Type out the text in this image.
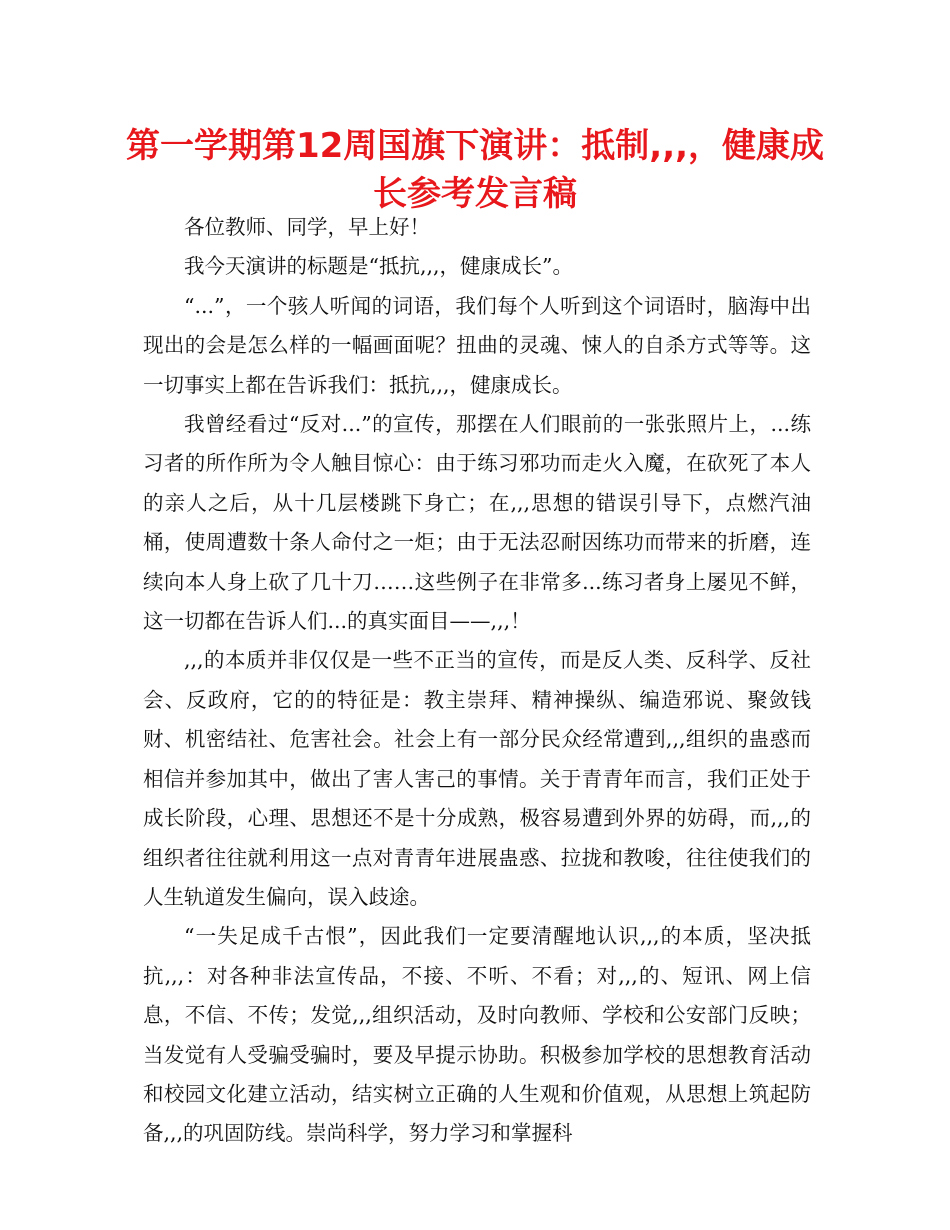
第一学期第12周国旗下演讲：抵制,,,，健康成长参考发言稿

各位教师、同学，早上好！

我今天演讲的标题是“抵抗,,,，健康成长”。

“...”，一个骇人听闻的词语，我们每个人听到这个词语时，脑海中出现出的会是怎么样的一幅画面呢？扭曲的灵魂、悚人的自杀方式等等。这一切事实上都在告诉我们：抵抗,,,，健康成长。

我曾经看过“反对...”的宣传，那摆在人们眼前的一张张照片上，...练习者的所作所为令人触目惊心：由于练习邪功而走火入魔，在砍死了本人的亲人之后，从十几层楼跳下身亡；在,,,思想的错误引导下，点燃汽油桶，使周遭数十条人命付之一炬；由于无法忍耐因练功而带来的折磨，连续向本人身上砍了几十刀……这些例子在非常多...练习者身上屡见不鲜，这一切都在告诉人们...的真实面目——,,,！

,,,的本质并非仅仅是一些不正当的宣传，而是反人类、反科学、反社会、反政府，它的的特征是：教主崇拜、精神操纵、编造邪说、聚敛钱财、机密结社、危害社会。社会上有一部分民众经常遭到,,,组织的蛊惑而相信并参加其中，做出了害人害己的事情。关于青青年而言，我们正处于成长阶段，心理、思想还不是十分成熟，极容易遭到外界的妨碍，而,,,的组织者往往就利用这一点对青青年进展蛊惑、拉拢和教唆，往往使我们的人生轨道发生偏向，误入歧途。

“一失足成千古恨”，因此我们一定要清醒地认识,,,的本质，坚决抵抗,,,：对各种非法宣传品，不接、不听、不看；对,,,的、短讯、网上信息，不信、不传；发觉,,,组织活动，及时向教师、学校和公安部门反映；当发觉有人受骗受骗时，要及早提示协助。积极参加学校的思想教育活动和校园文化建立活动，结实树立正确的人生观和价值观，从思想上筑起防备,,,的巩固防线。崇尚科学，努力学习和掌握科
